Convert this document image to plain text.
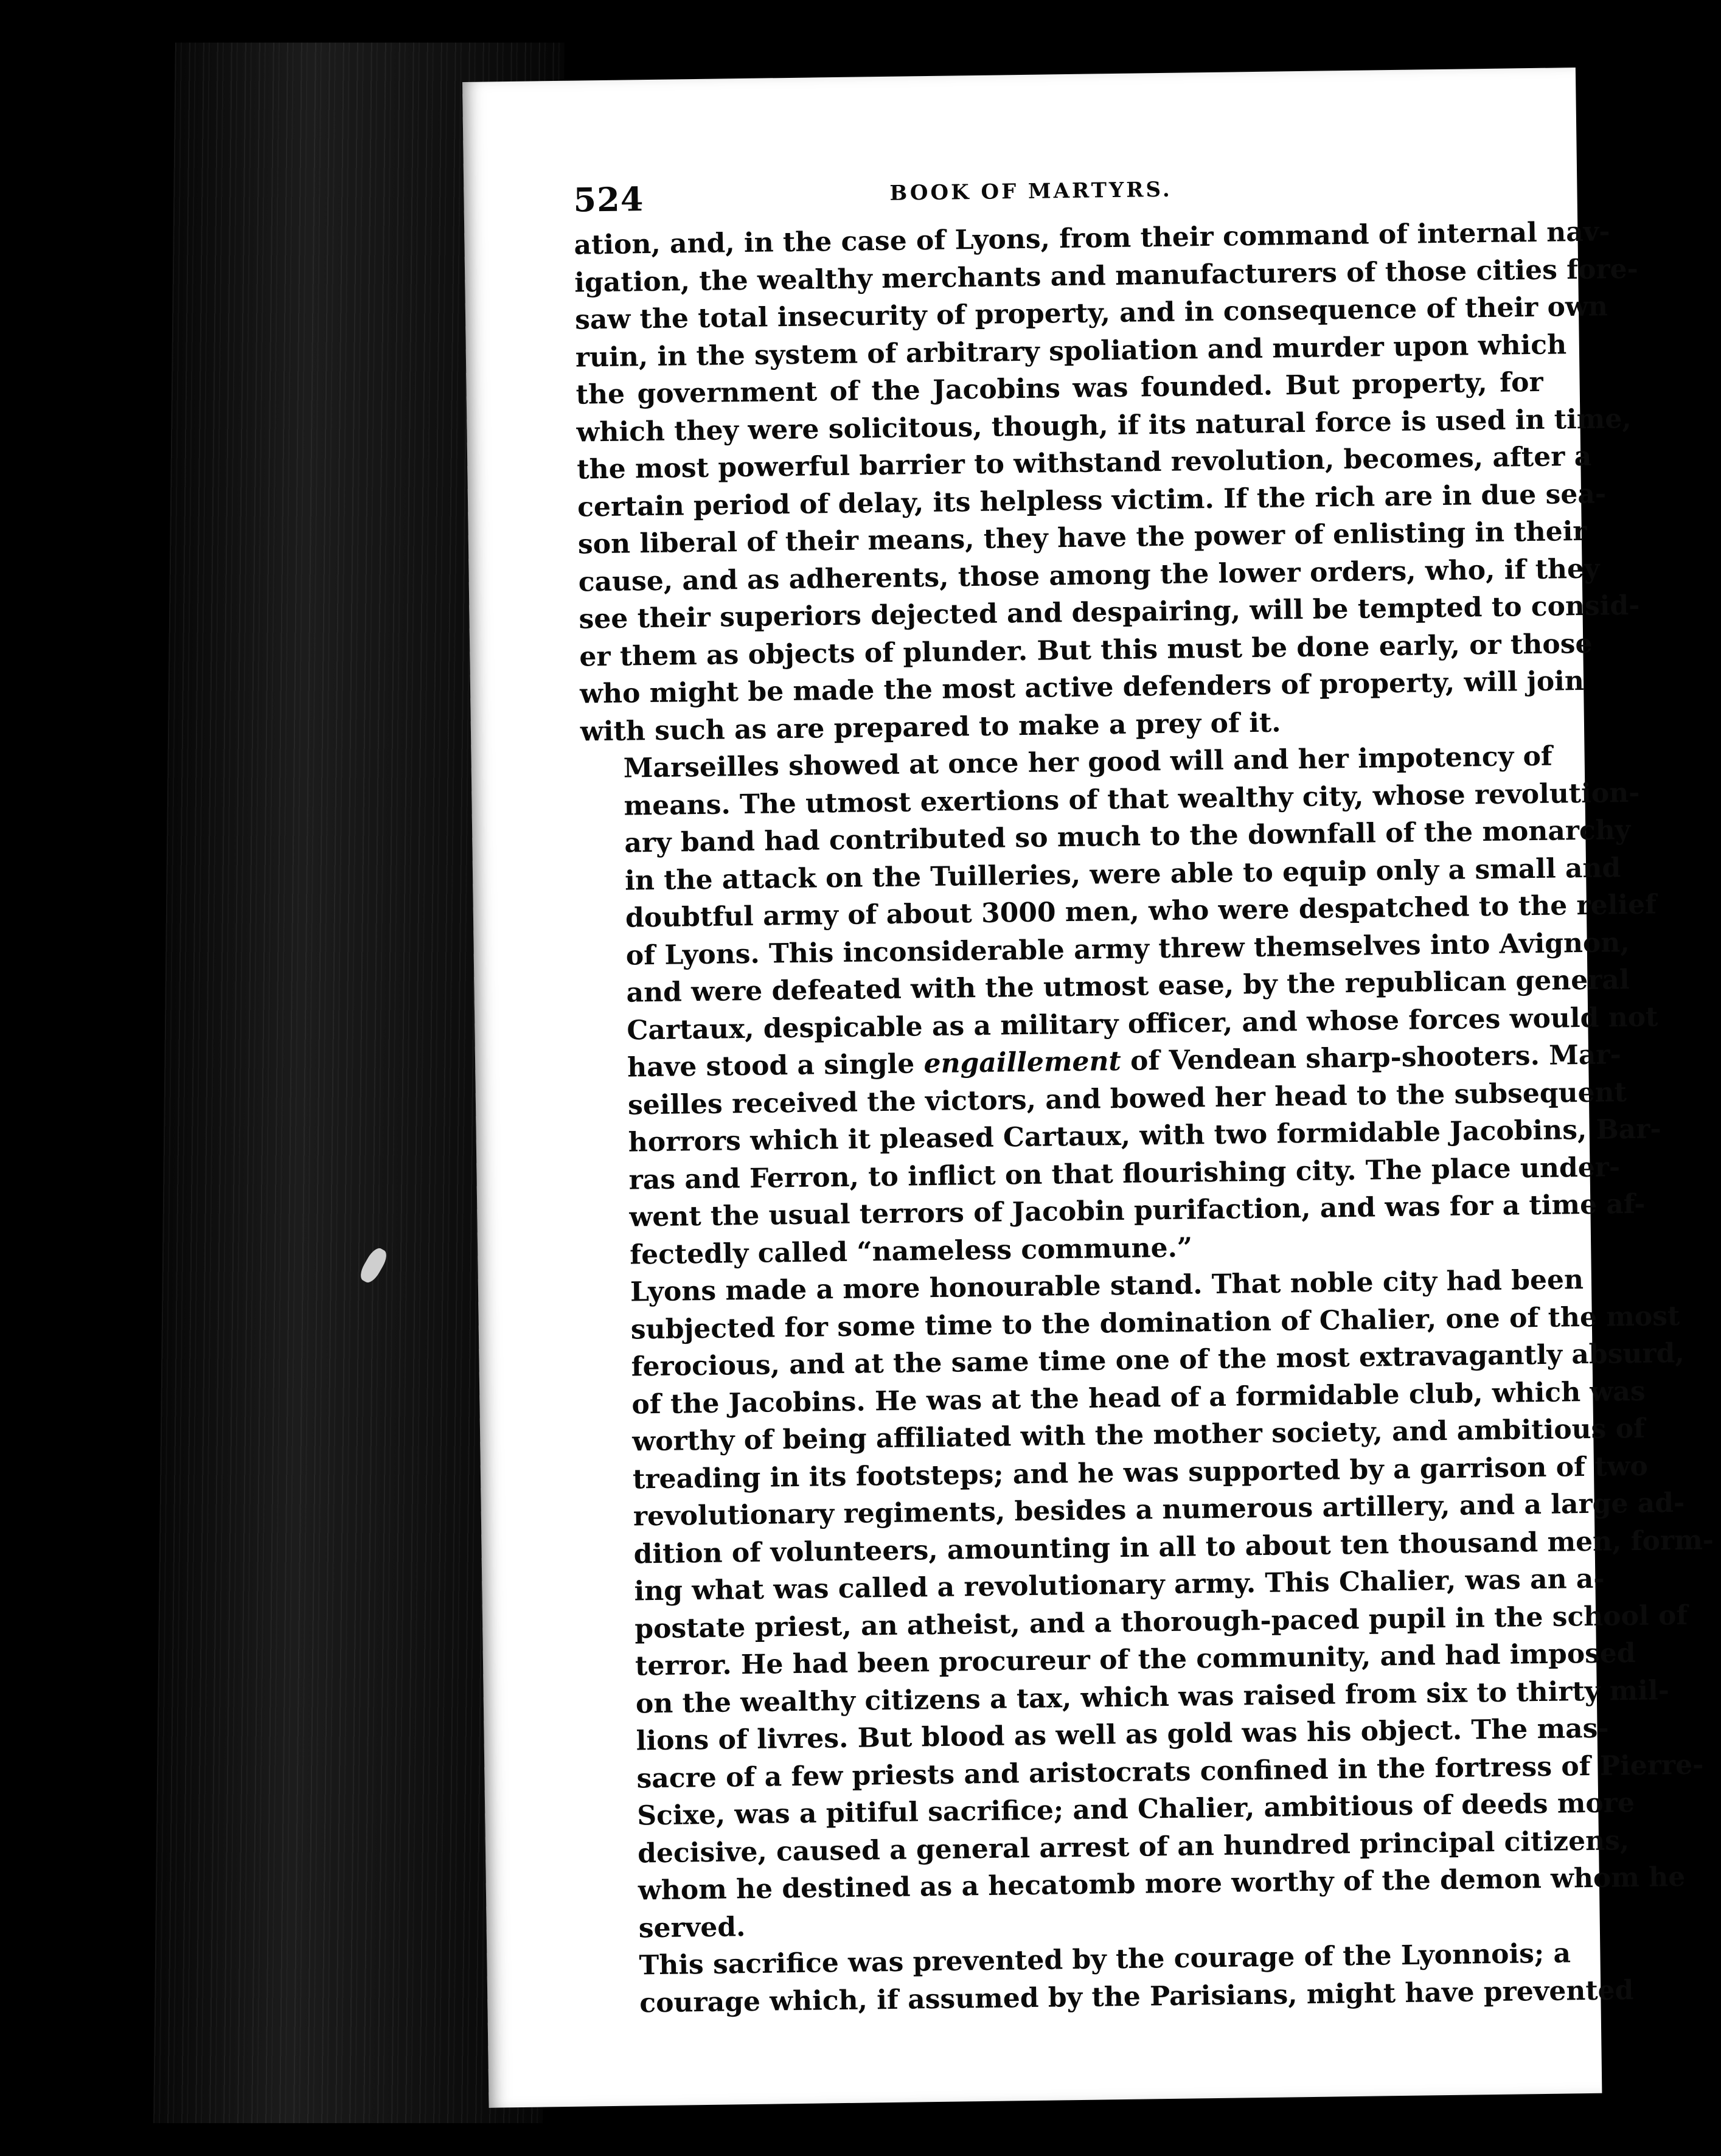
524	BOOK OF MARTYRS.
ation, and, in the case of Lyons, from their command of internal nav-
igation, the wealthy merchants and manufacturers of those cities fore-
saw the total insecurity of property, and in consequence of their own
ruin, in the system of arbitrary spoliation and murder upon which
the government of the Jacobins was founded. But property, for
which they were solicitous, though, if its natural force is used in time,
the most powerful barrier to withstand revolution, becomes, after a
certain period of delay, its helpless victim. If the rich are in due sea-
son liberal of their means, they have the power of enlisting in their
cause, and as adherents, those among the lower orders, who, if they
see their superiors dejected and despairing, will be tempted to consid-
er them as objects of plunder. But this must be done early, or those
who might be made the most active defenders of property, will join
with such as are prepared to make a prey of it.
Marseilles showed at once her good will and her impotency of
means. The utmost exertions of that wealthy city, whose revolution-
ary band had contributed so much to the downfall of the monarchy
in the attack on the Tuilleries, were able to equip only a small and
doubtful army of about 3000 men, who were despatched to the relief
of Lyons. This inconsiderable army threw themselves into Avignon,
and were defeated with the utmost ease, by the republican general
Cartaux, despicable as a military officer, and whose forces would not
have stood a single engaillement of Vendean sharp-shooters. Mar-
seilles received the victors, and bowed her head to the subsequent
horrors which it pleased Cartaux, with two formidable Jacobins, Bar-
ras and Ferron, to inflict on that flourishing city. The place under-
went the usual terrors of Jacobin purifaction, and was for a time af-
fectedly called “nameless commune.”
Lyons made a more honourable stand. That noble city had been
subjected for some time to the domination of Chalier, one of the most
ferocious, and at the same time one of the most extravagantly absurd,
of the Jacobins. He was at the head of a formidable club, which was
worthy of being affiliated with the mother society, and ambitious of
treading in its footsteps; and he was supported by a garrison of two
revolutionary regiments, besides a numerous artillery, and a large ad-
dition of volunteers, amounting in all to about ten thousand men, form-
ing what was called a revolutionary army. This Chalier, was an a-
postate priest, an atheist, and a thorough-paced pupil in the school of
terror. He had been procureur of the community, and had imposed
on the wealthy citizens a tax, which was raised from six to thirty mil-
lions of livres. But blood as well as gold was his object. The mas-
sacre of a few priests and aristocrats confined in the fortress of Pierre-
Scixe, was a pitiful sacrifice; and Chalier, ambitious of deeds more
decisive, caused a general arrest of an hundred principal citizens,
whom he destined as a hecatomb more worthy of the demon whom he
served.
This sacrifice was prevented by the courage of the Lyonnois; a
courage which, if assumed by the Parisians, might have prevented
